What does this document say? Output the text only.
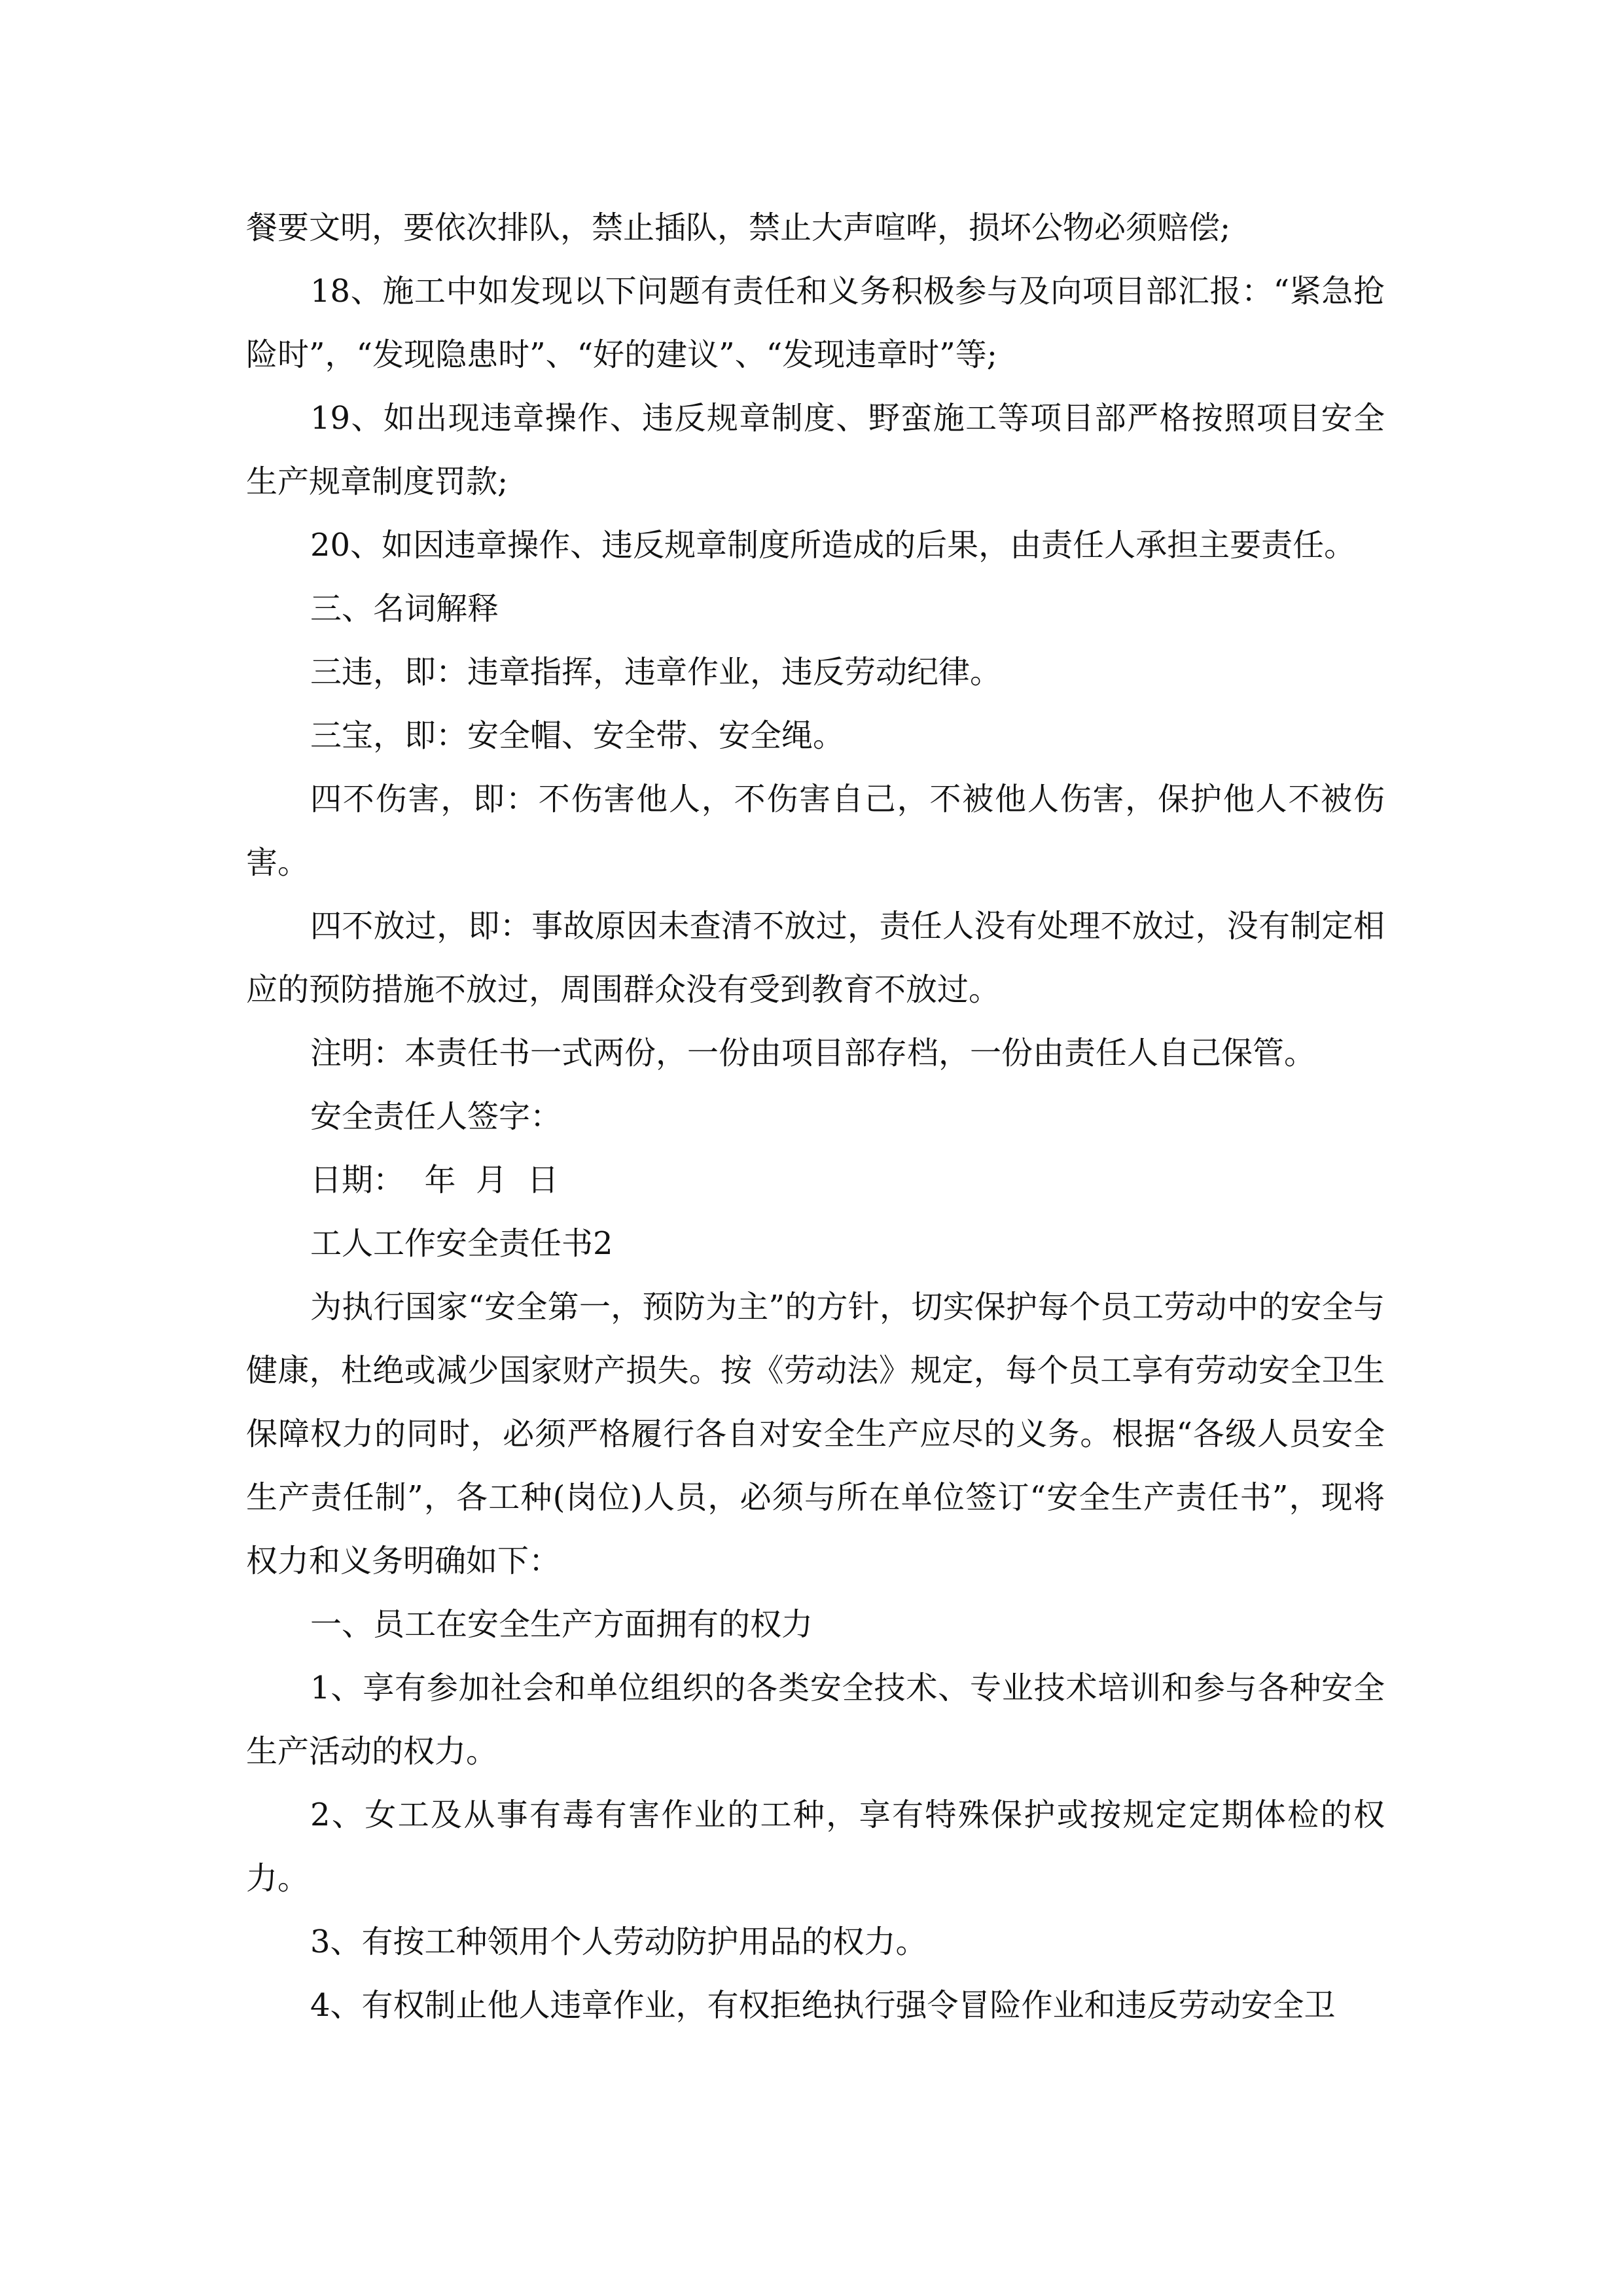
餐要文明，要依次排队，禁止插队，禁止大声喧哗，损坏公物必须赔偿;

18、施工中如发现以下问题有责任和义务积极参与及向项目部汇报：“紧急抢险时”，“发现隐患时”、“好的建议”、“发现违章时”等;

19、如出现违章操作、违反规章制度、野蛮施工等项目部严格按照项目安全生产规章制度罚款;

20、如因违章操作、违反规章制度所造成的后果，由责任人承担主要责任。

三、名词解释

三违，即：违章指挥，违章作业，违反劳动纪律。

三宝，即：安全帽、安全带、安全绳。

四不伤害，即：不伤害他人，不伤害自己，不被他人伤害，保护他人不被伤害。

四不放过，即：事故原因未查清不放过，责任人没有处理不放过，没有制定相应的预防措施不放过，周围群众没有受到教育不放过。

注明：本责任书一式两份，一份由项目部存档，一份由责任人自己保管。

安全责任人签字：

日期：  年  月  日

工人工作安全责任书2

为执行国家“安全第一，预防为主”的方针，切实保护每个员工劳动中的安全与健康，杜绝或减少国家财产损失。按《劳动法》规定，每个员工享有劳动安全卫生保障权力的同时，必须严格履行各自对安全生产应尽的义务。根据“各级人员安全生产责任制”，各工种(岗位)人员，必须与所在单位签订“安全生产责任书”，现将权力和义务明确如下：

一、员工在安全生产方面拥有的权力

1、享有参加社会和单位组织的各类安全技术、专业技术培训和参与各种安全生产活动的权力。

2、女工及从事有毒有害作业的工种，享有特殊保护或按规定定期体检的权力。

3、有按工种领用个人劳动防护用品的权力。

4、有权制止他人违章作业，有权拒绝执行强令冒险作业和违反劳动安全卫
